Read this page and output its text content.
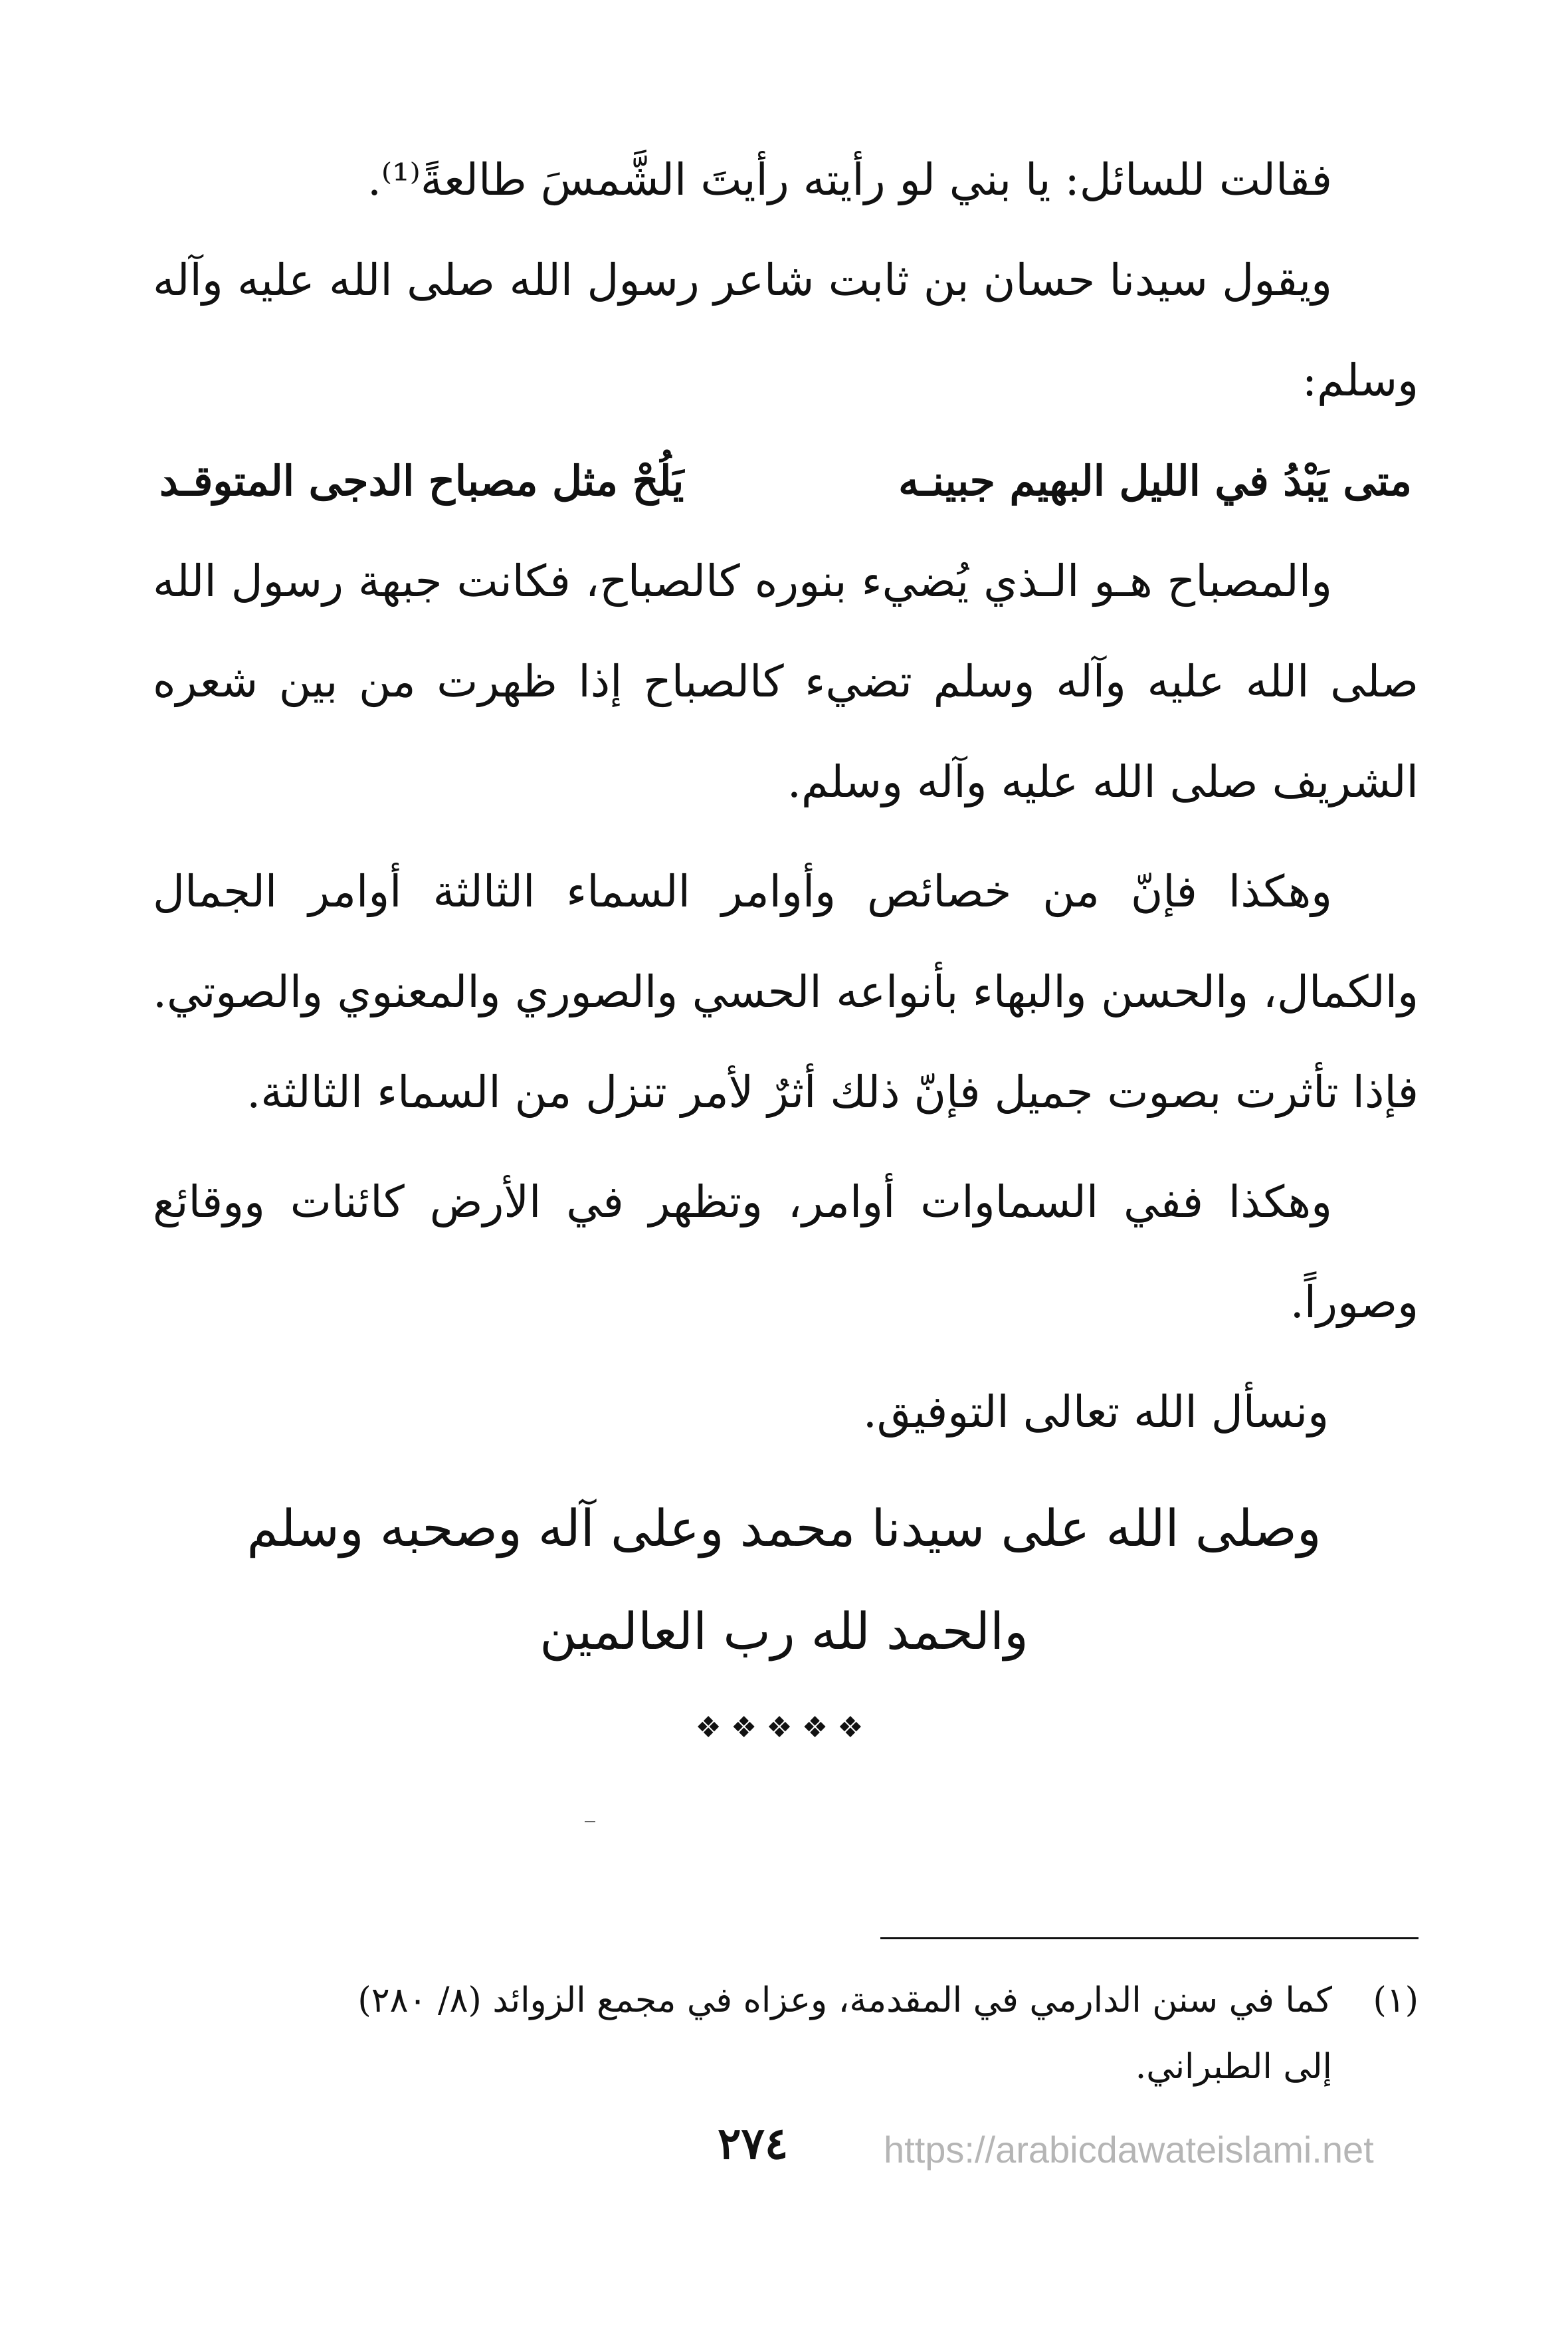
فقالت للسائل: يا بني لو رأيته رأيتَ الشَّمسَ طالعةً⁽¹⁾.

ويقول سيدنا حسان بن ثابت شاعر رسول الله صلى الله عليه وآله وسلم:

متى يَبْدُ في الليل البهيم جبينـه
يَلُحْ مثل مصباح الدجى المتوقـد

والمصباح هـو الـذي يُضيء بنوره كالصباح، فكانت جبهة رسول الله صلى الله عليه وآله وسلم تضيء كالصباح إذا ظهرت من بين شعره الشريف صلى الله عليه وآله وسلم.

وهكذا فإنّ من خصائص وأوامر السماء الثالثة أوامر الجمال والكمال، والحسن والبهاء بأنواعه الحسي والصوري والمعنوي والصوتي. فإذا تأثرت بصوت جميل فإنّ ذلك أثرٌ لأمر تنزل من السماء الثالثة.

وهكذا ففي السماوات أوامر، وتظهر في الأرض كائنات ووقائع وصوراً.

ونسأل الله تعالى التوفيق.
وصلى الله على سيدنا محمد وعلى آله وصحبه وسلم
والحمد لله رب العالمين
❖❖❖❖❖
(١)
كما في سنن الدارمي في المقدمة، وعزاه في مجمع الزوائد (٨/ ٢٨٠)
إلى الطبراني.
٢٧٤	https://arabicdawateislami.net
